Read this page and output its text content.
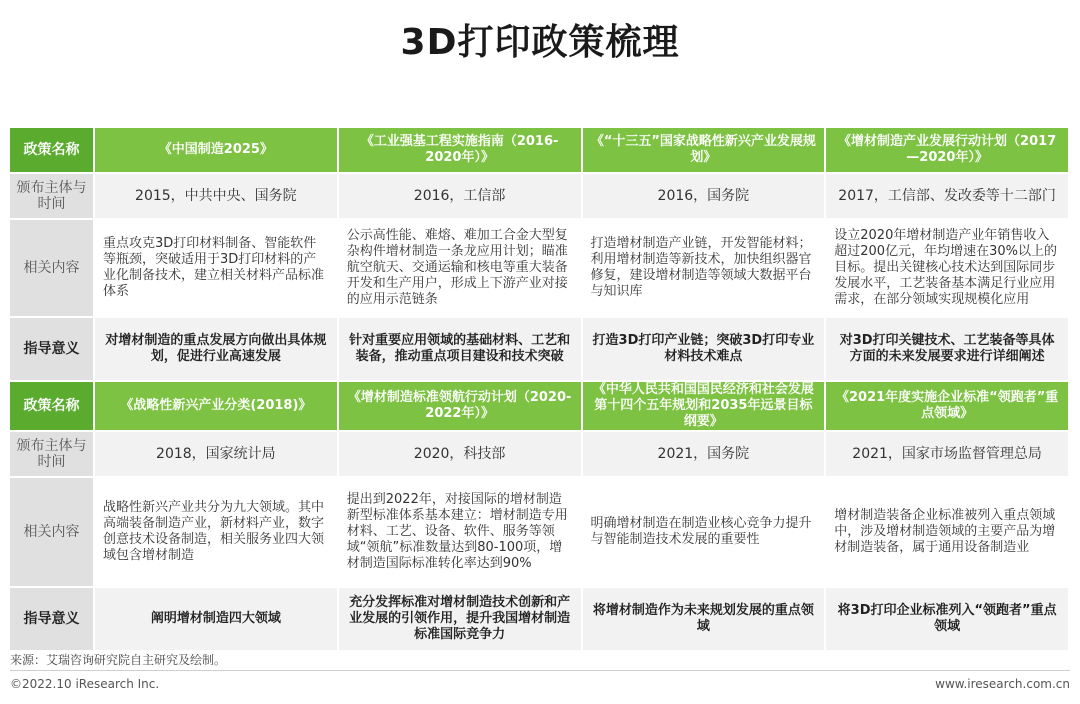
3D打印政策梳理
政策名称	《中国制造2025》	《工业强基工程实施指南（2016-2020年）》	《“十三五”国家战略性新兴产业发展规划》	《增材制造产业发展行动计划（2017—2020年）》
颁布主体与时间	2015，中共中央、国务院	2016，工信部	2016，国务院	2017，工信部、发改委等十二部门
相关内容	重点攻克3D打印材料制备、智能软件等瓶颈，突破适用于3D打印材料的产业化制备技术，建立相关材料产品标准体系	公示高性能、难熔、难加工合金大型复杂构件增材制造一条龙应用计划；瞄准航空航天、交通运输和核电等重大装备开发和生产用户，形成上下游产业对接的应用示范链条	打造增材制造产业链，开发智能材料；利用增材制造等新技术，加快组织器官修复，建设增材制造等领域大数据平台与知识库	设立2020年增材制造产业年销售收入超过200亿元，年均增速在30%以上的 目标。提出关键核心技术达到国际同步发展水平，工艺装备基本满足行业应用需求，在部分领域实现规模化应用
指导意义	对增材制造的重点发展方向做出具体规划，促进行业高速发展	针对重要应用领域的基础材料、工艺和装备，推动重点项目建设和技术突破	打造3D打印产业链；突破3D打印专业材料技术难点	对3D打印关键技术、工艺装备等具体方面的未来发展要求进行详细阐述
政策名称	《战略性新兴产业分类(2018)》	《增材制造标准领航行动计划（2020-2022年）》	《中华人民共和国国民经济和社会发展第十四个五年规划和2035年远景目标纲要》	《2021年度实施企业标准“领跑者”重点领域》
颁布主体与时间	2018，国家统计局	2020，科技部	2021，国务院	2021，国家市场监督管理总局
相关内容	战略性新兴产业共分为九大领域。其中高端装备制造产业，新材料产业，数字创意技术设备制造，相关服务业四大领域包含增材制造	提出到2022年，对接国际的增材制造新型标准体系基本建立：增材制造专用材料、工艺、设备、软件、服务等领域“领航”标准数量达到80-100项，增材制造国际标准转化率达到90%	明确增材制造在制造业核心竞争力提升与智能制造技术发展的重要性	增材制造装备企业标准被列入重点领域中，涉及增材制造领域的主要产品为增材制造装备，属于通用设备制造业
指导意义	阐明增材制造四大领域	充分发挥标准对增材制造技术创新和产业发展的引领作用，提升我国增材制造标准国际竞争力	将增材制造作为未来规划发展的重点领域	将3D打印企业标准列入“领跑者”重点领域
来源：艾瑞咨询研究院自主研究及绘制。
©2022.10 iResearch Inc.	www.iresearch.com.cn
